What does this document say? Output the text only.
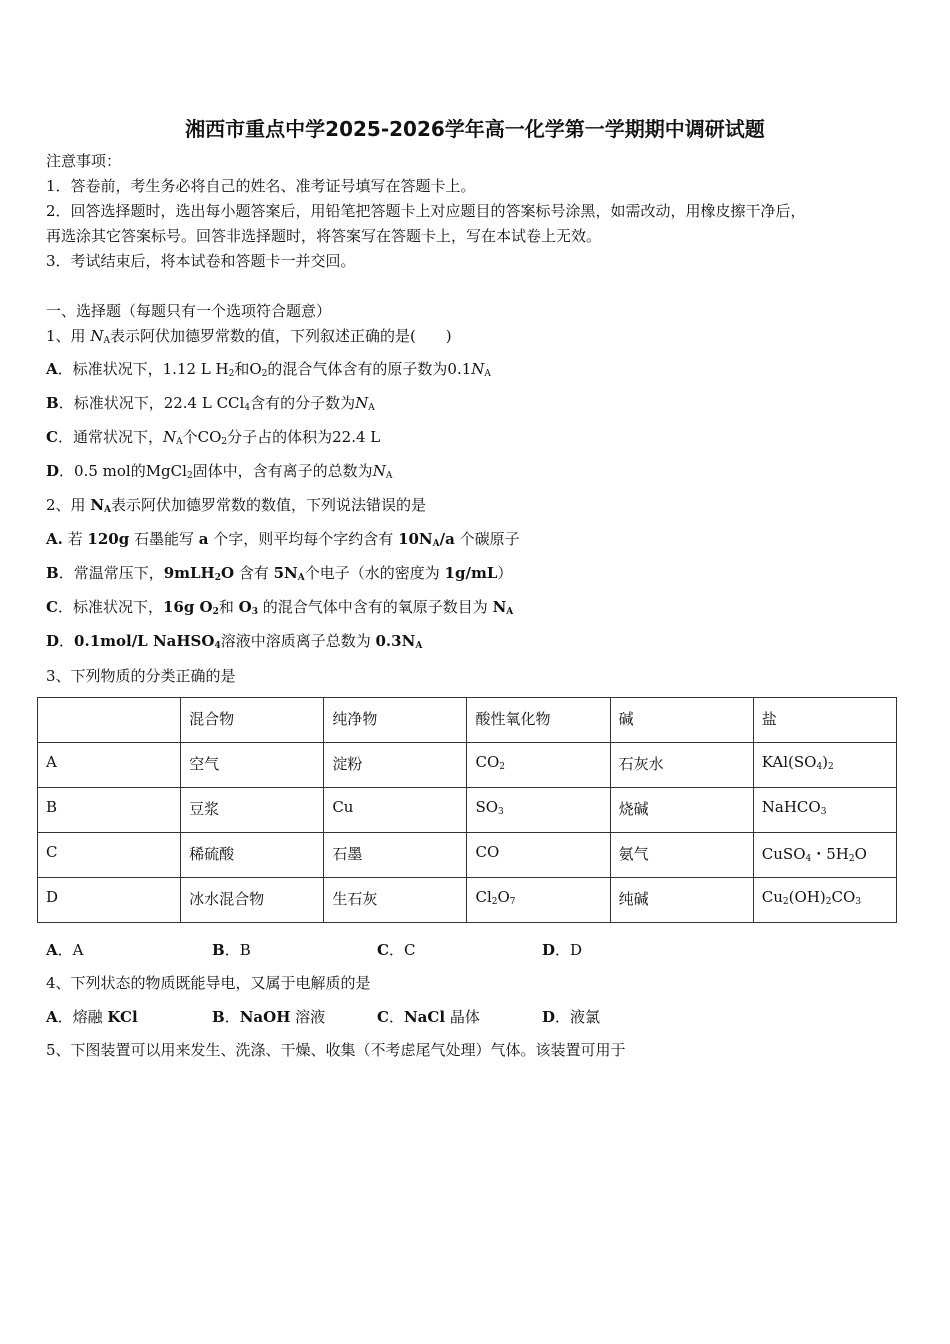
湘西市重点中学2025-2026学年高一化学第一学期期中调研试题
注意事项：
1．答卷前，考生务必将自己的姓名、准考证号填写在答题卡上。
2．回答选择题时，选出每小题答案后，用铅笔把答题卡上对应题目的答案标号涂黑，如需改动，用橡皮擦干净后，
再选涂其它答案标号。回答非选择题时，将答案写在答题卡上，写在本试卷上无效。
3．考试结束后，将本试卷和答题卡一并交回。
一、选择题（每题只有一个选项符合题意）
1、用 $N_A$表示阿伏加德罗常数的值，下列叙述正确的是(　　)
A．标准状况下，1.12 L $H_2$和$O_2$的混合气体含有的原子数为$0.1N_A$
B．标准状况下，22.4 L CCl$_4$含有的分子数为$N_A$
C．通常状况下，$N_A$个$CO_2$分子占的体积为22.4 L
D．0.5 mol的MgCl$_2$固体中，含有离子的总数为$N_A$
2、用 $N_A$表示阿伏加德罗常数的数值，下列说法错误的是
A. 若 120g 石墨能写 a 个字，则平均每个字约含有 $10N_A/a$ 个碳原子
B．常温常压下，9mLH$_2$O 含有 $5N_A$个电子（水的密度为 1g/mL）
C．标准状况下，16g $O_2$和 $O_3$ 的混合气体中含有的氧原子数目为 $N_A$
D．0.1mol/L NaHSO$_4$溶液中溶质离子总数为 $0.3N_A$
3、下列物质的分类正确的是
	混合物	纯净物	酸性氧化物	碱	盐
A	空气	淀粉	$CO_2$	石灰水	$KAl(SO_4)_2$
B	豆浆	Cu	$SO_3$	烧碱	NaHCO$_3$
C	稀硫酸	石墨	CO	氨气	CuSO$_4$・$5H_2O$
D	冰水混合物	生石灰	$Cl_2O_7$	纯碱	$Cu_2(OH)_2CO_3$
A．A	B．B	C．C	D．D
4、下列状态的物质既能导电，又属于电解质的是
A．熔融 KCl	B．NaOH 溶液	C．NaCl 晶体	D．液氯
5、下图装置可以用来发生、洗涤、干燥、收集（不考虑尾气处理）气体。该装置可用于
